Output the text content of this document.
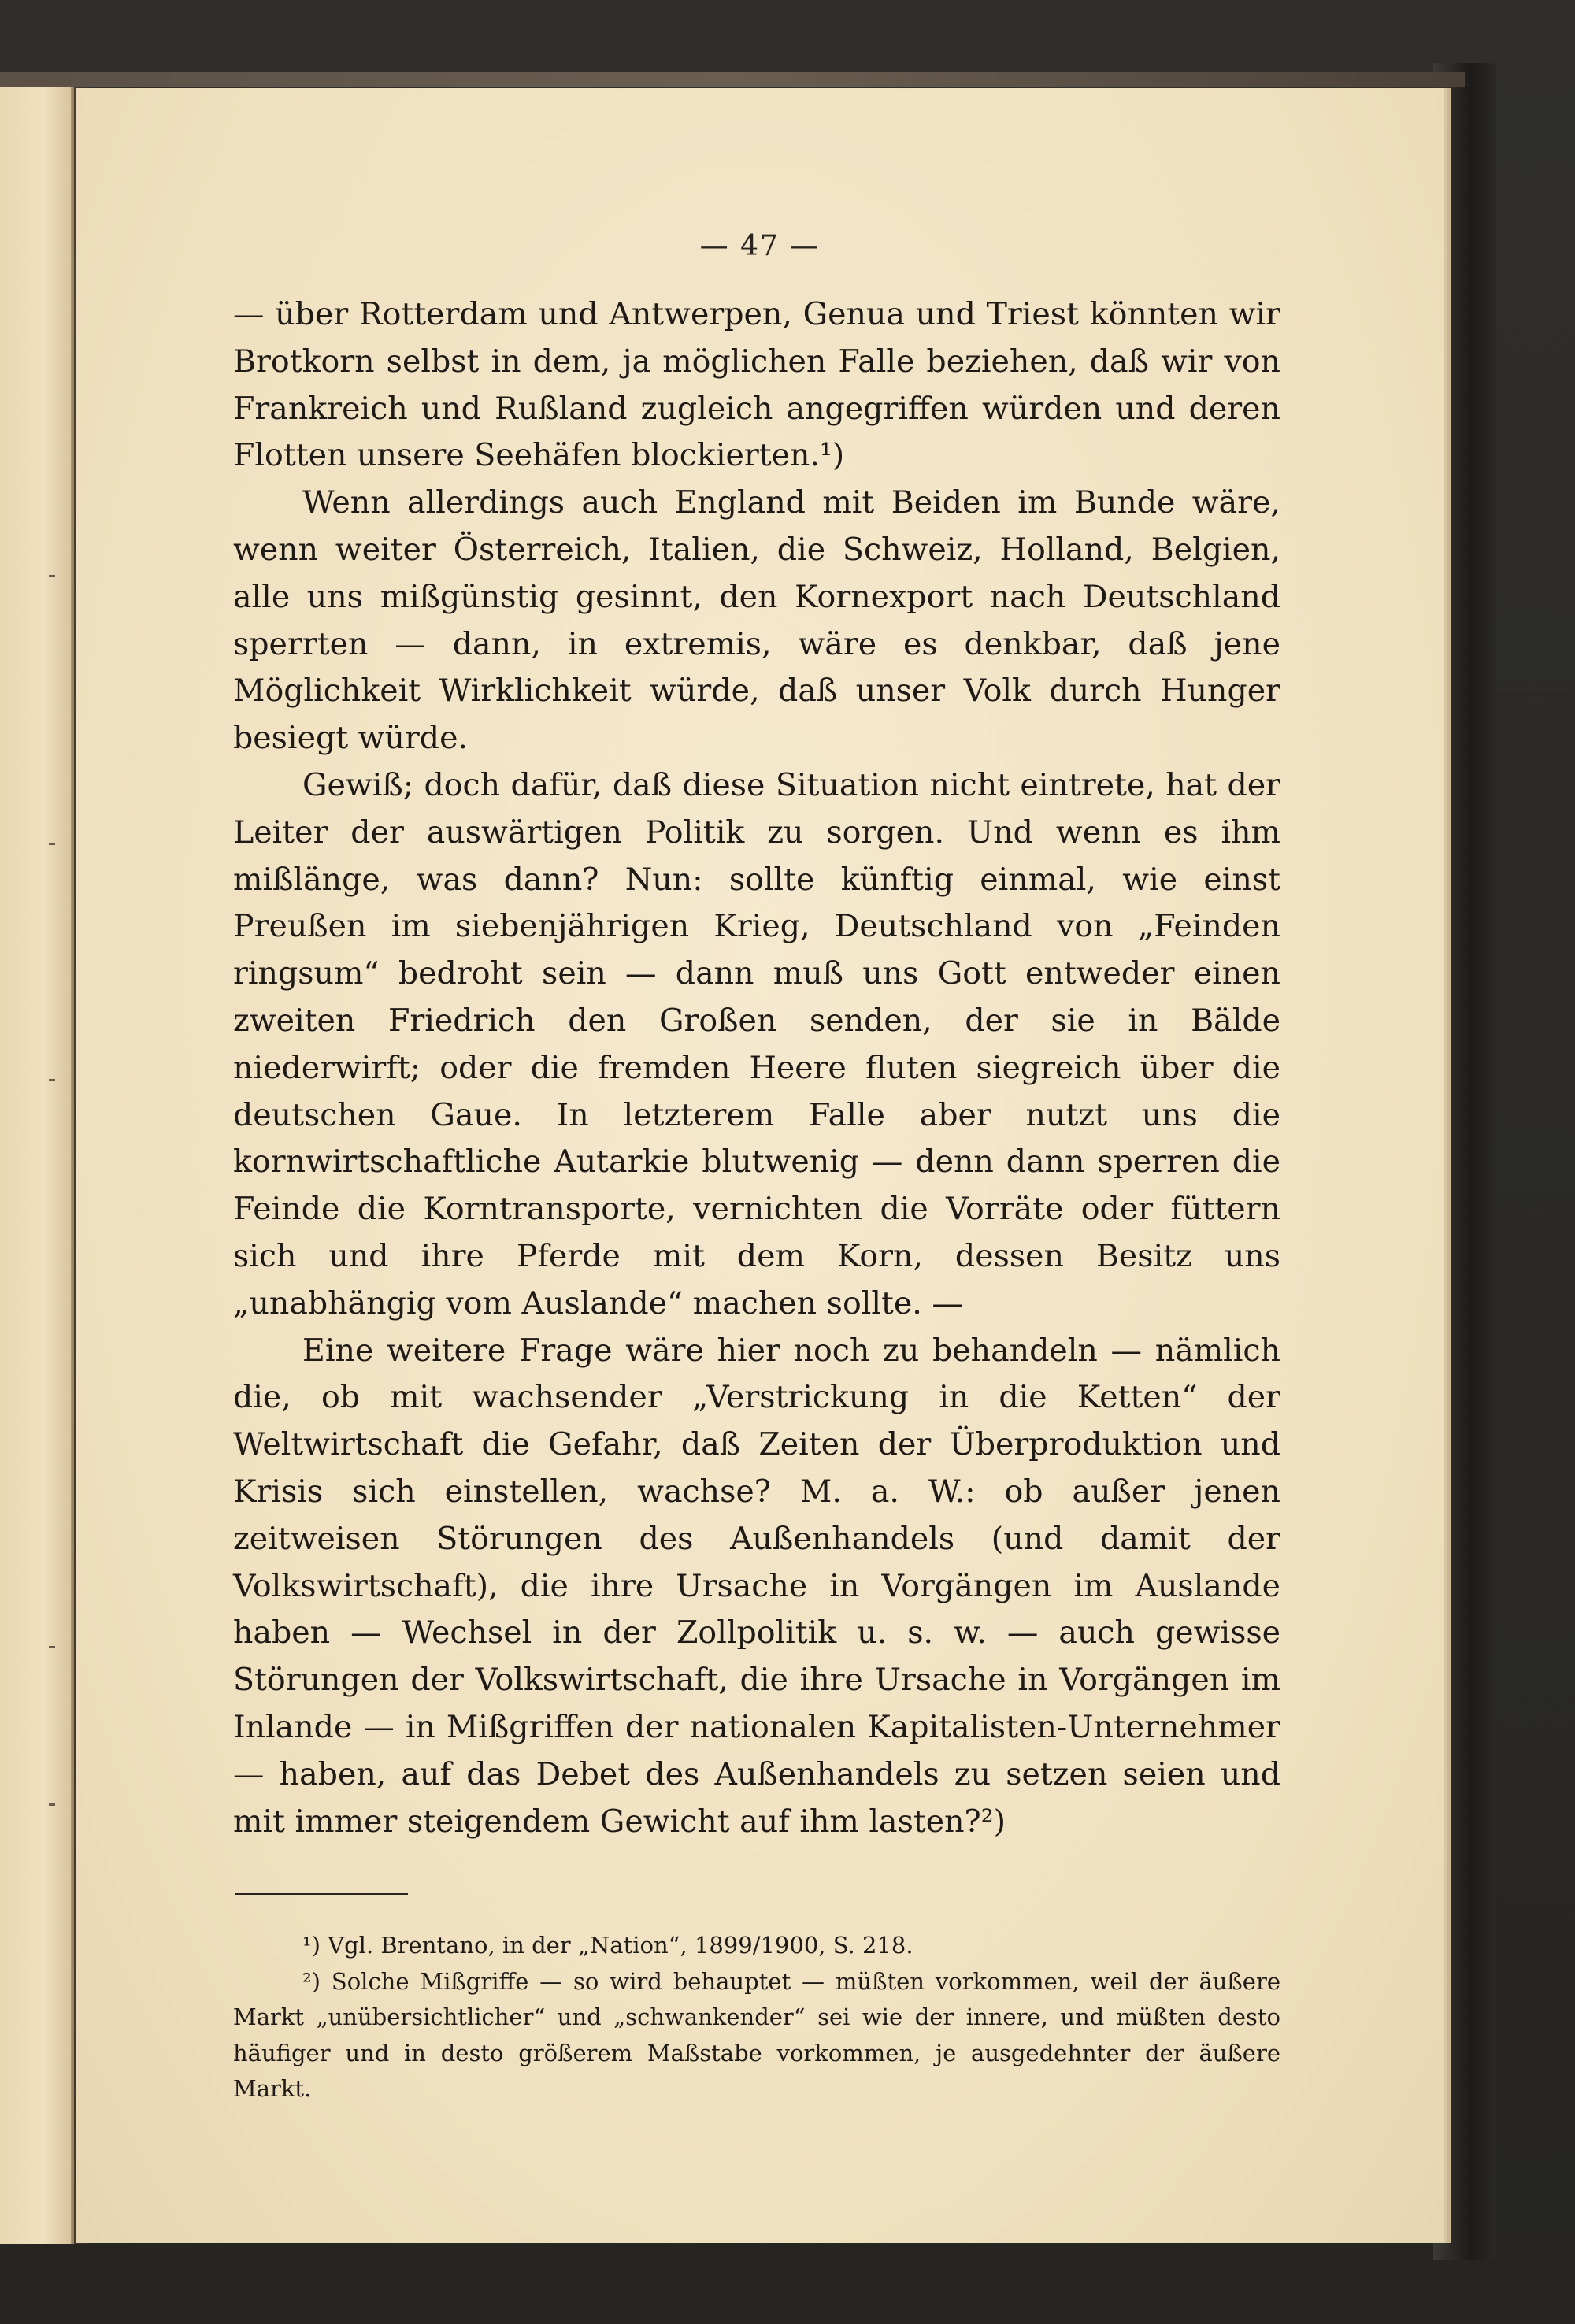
— 47 —

— über Rotterdam und Antwerpen, Genua und Triest könnten wir Brotkorn selbst in dem, ja möglichen Falle beziehen, daß wir von Frankreich und Rußland zugleich angegriffen würden und deren Flotten unsere Seehäfen blockierten.¹)

Wenn allerdings auch England mit Beiden im Bunde wäre, wenn weiter Österreich, Italien, die Schweiz, Holland, Belgien, alle uns mißgünstig gesinnt, den Kornexport nach Deutschland sperrten — dann, in extremis, wäre es denkbar, daß jene Möglichkeit Wirklichkeit würde, daß unser Volk durch Hunger besiegt würde.

Gewiß; doch dafür, daß diese Situation nicht eintrete, hat der Leiter der auswärtigen Politik zu sorgen. Und wenn es ihm mißlänge, was dann? Nun: sollte künftig einmal, wie einst Preußen im siebenjährigen Krieg, Deutschland von „Feinden ringsum“ bedroht sein — dann muß uns Gott entweder einen zweiten Friedrich den Großen senden, der sie in Bälde niederwirft; oder die fremden Heere fluten siegreich über die deutschen Gaue. In letzterem Falle aber nutzt uns die kornwirtschaftliche Autarkie blutwenig — denn dann sperren die Feinde die Korntransporte, vernichten die Vorräte oder füttern sich und ihre Pferde mit dem Korn, dessen Besitz uns „unabhängig vom Auslande“ machen sollte. —

Eine weitere Frage wäre hier noch zu behandeln — nämlich die, ob mit wachsender „Verstrickung in die Ketten“ der Weltwirtschaft die Gefahr, daß Zeiten der Überproduktion und Krisis sich einstellen, wachse? M. a. W.: ob außer jenen zeitweisen Störungen des Außenhandels (und damit der Volkswirtschaft), die ihre Ursache in Vorgängen im Auslande haben — Wechsel in der Zollpolitik u. s. w. — auch gewisse Störungen der Volkswirtschaft, die ihre Ursache in Vorgängen im Inlande — in Mißgriffen der nationalen Kapitalisten-Unternehmer — haben, auf das Debet des Außenhandels zu setzen seien und mit immer steigendem Gewicht auf ihm lasten?²)

¹) Vgl. Brentano, in der „Nation“, 1899/1900, S. 218.

²) Solche Mißgriffe — so wird behauptet — müßten vorkommen, weil der äußere Markt „unübersichtlicher“ und „schwankender“ sei wie der innere, und müßten desto häufiger und in desto größerem Maßstabe vorkommen, je ausgedehnter der äußere Markt.
